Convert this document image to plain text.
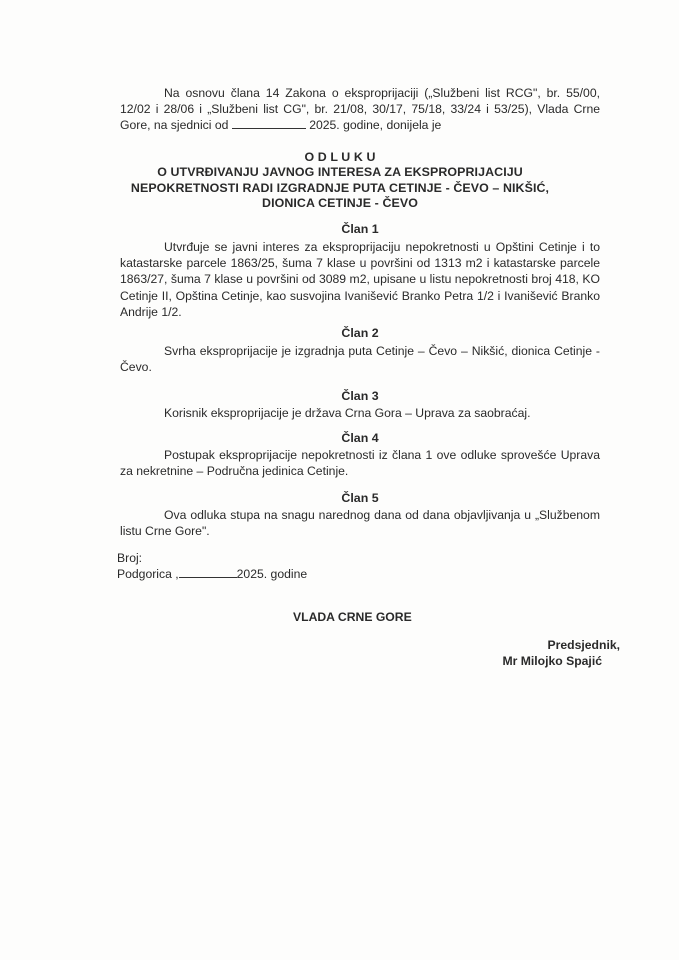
Na osnovu člana 14 Zakona o eksproprijaciji („Službeni list RCG", br. 55/00, 12/02 i 28/06 i „Službeni list CG", br. 21/08, 30/17, 75/18, 33/24 i 53/25), Vlada Crne Gore, na sjednici od	2025. godine, donijela je
O D L U K U
O UTVRĐIVANJU JAVNOG INTERESA ZA EKSPROPRIJACIJU
NEPOKRETNOSTI RADI IZGRADNJE PUTA CETINJE - ČEVO – NIKŠIĆ,
DIONICA CETINJE - ČEVO
Član 1
Utvrđuje se javni interes za eksproprijaciju nepokretnosti u Opštini Cetinje i to katastarske parcele 1863/25, šuma 7 klase u površini od 1313 m2 i katastarske parcele 1863/27, šuma 7 klase u površini od 3089 m2, upisane u listu nepokretnosti broj 418, KO Cetinje II, Opština Cetinje, kao susvojina Ivanišević Branko Petra 1/2 i Ivanišević Branko Andrije 1/2.
Član 2
Svrha eksproprijacije je izgradnja puta Cetinje – Čevo – Nikšić, dionica Cetinje - Čevo.
Član 3
Korisnik eksproprijacije je država Crna Gora – Uprava za saobraćaj.
Član 4
Postupak eksproprijacije nepokretnosti iz člana 1 ove odluke sprovešće Uprava za nekretnine – Područna jedinica Cetinje.
Član 5
Ova odluka stupa na snagu narednog dana od dana objavljivanja u „Službenom listu Crne Gore".
Broj:
Podgorica ,	2025. godine
VLADA CRNE GORE
Predsjednik,
Mr Milojko Spajić
